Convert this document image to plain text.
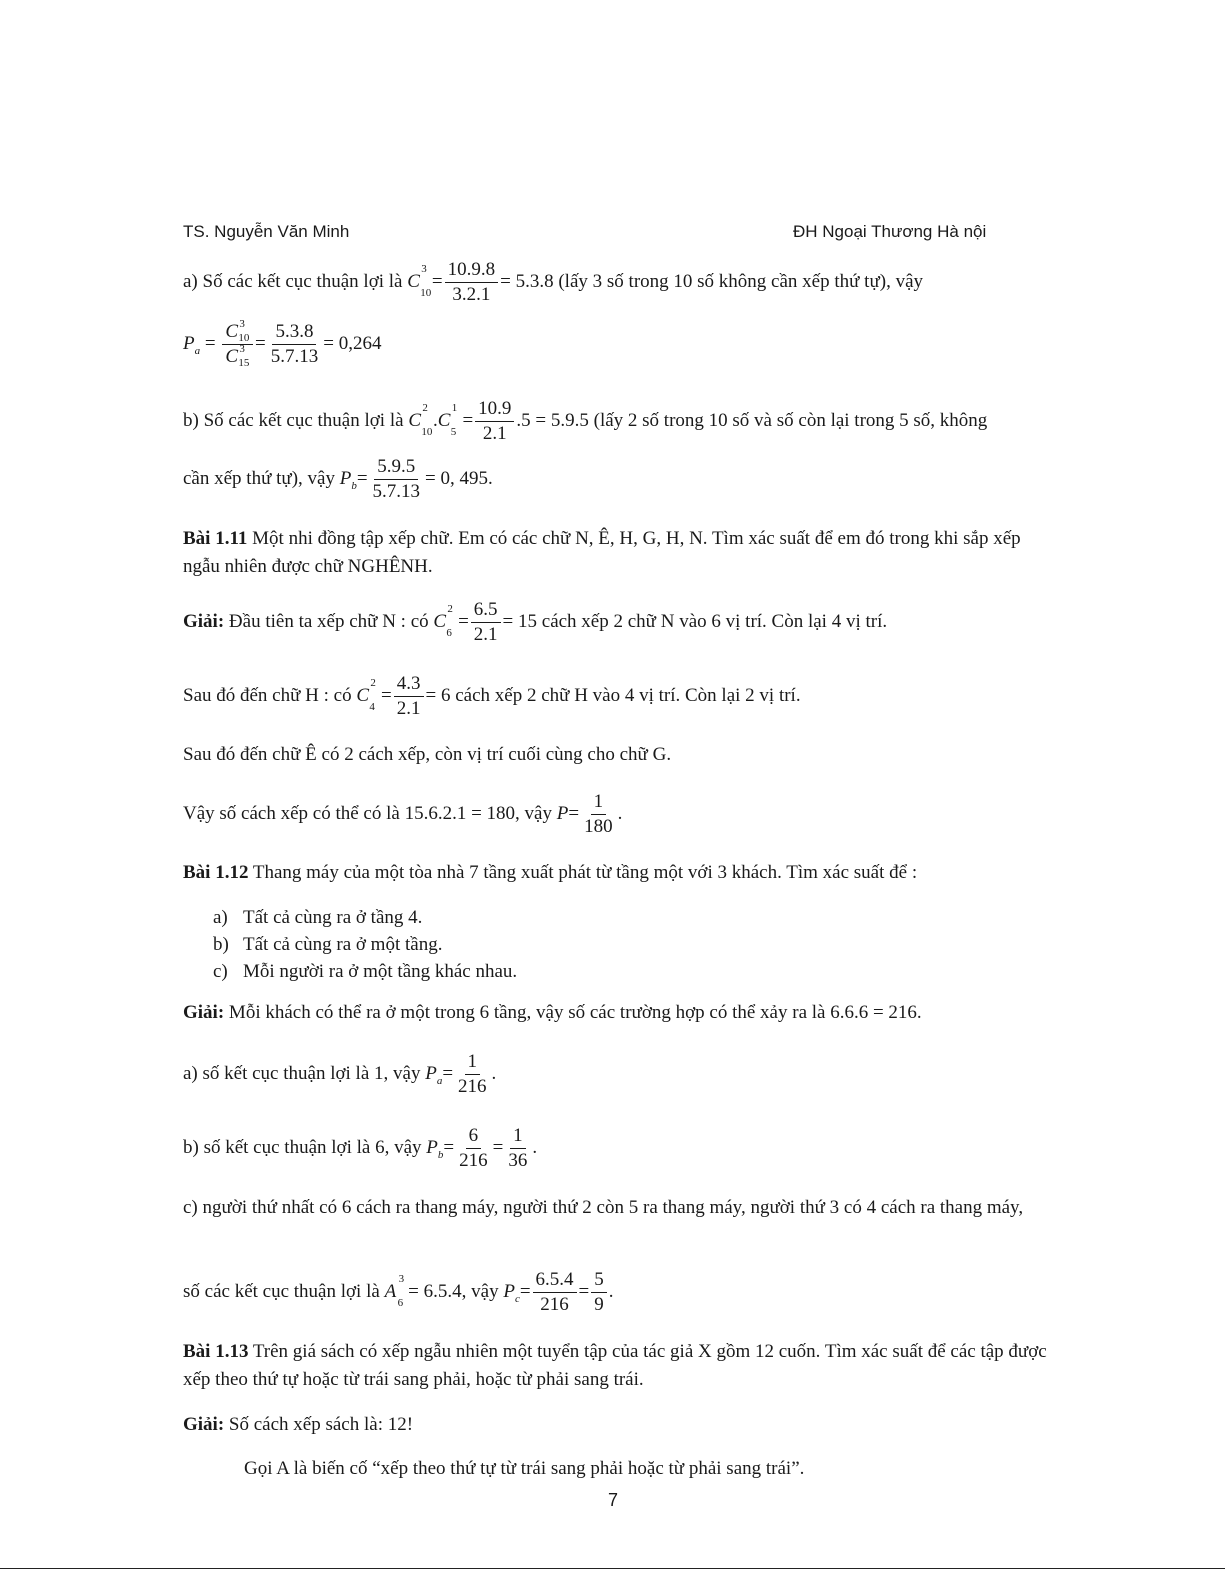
TS. Nguyễn Văn Minh	ĐH Ngoại Thương Hà nội
a) Số các kết cục thuận lợi là C
3
10
= $\frac{10.9.8}{3.2.1} = 5.3.8$ (lấy 3 số trong 10 số không cần xếp thứ tự), vậy
$P_a = C$ 3
10
C 3
$15 = \frac{5.3.8}{5.7.13} = 0,264$
b) Số các kết cục thuận lợi là C
2
10
.C
1
5
= $\frac{10.9}{2.1} .5 = 5.9.5$ (lấy 2 số trong 10 số và số còn lại trong 5 số, không
cần xếp thứ tự), vậy $P_b= \frac{5.9.5}{5.7.13} = 0$, 495.
Bài 1.11 Một nhi đồng tập xếp chữ. Em có các chữ N, Ê, H, G, H, N. Tìm xác suất để em đó trong khi sắp xếp ngẫu nhiên được chữ NGHÊNH.
Giải: Đầu tiên ta xếp chữ N : có C
2
6
= $\frac{6.5}{2.1} = 15$ cách xếp 2 chữ N vào 6 vị trí. Còn lại 4 vị trí.
Sau đó đến chữ H : có C
2
4
= $\frac{4.3}{2.1} = 6$ cách xếp 2 chữ H vào 4 vị trí. Còn lại 2 vị trí.
Sau đó đến chữ Ê có 2 cách xếp, còn vị trí cuối cùng cho chữ G.
Vậy số cách xếp có thể có là 15.6.2.1 = 180, vậy $P= \frac{1}{180}$ .
Bài 1.12 Thang máy của một tòa nhà 7 tầng xuất phát từ tầng một với 3 khách. Tìm xác suất để :
a) Tất cả cùng ra ở tầng 4.
b) Tất cả cùng ra ở một tầng.
c) Mỗi người ra ở một tầng khác nhau.
Giải: Mỗi khách có thể ra ở một trong 6 tầng, vậy số các trường hợp có thể xảy ra là 6.6.6 = 216.
a) số kết cục thuận lợi là 1, vậy $P_a= \frac{1}{216}$ .
b) số kết cục thuận lợi là 6, vậy $P_b= \frac{6}{216} = \frac{1}{36}$ .
c) người thứ nhất có 6 cách ra thang máy, người thứ 2 còn 5 ra thang máy, người thứ 3 có 4 cách ra thang máy,
số các kết cục thuận lợi là A
3
6
= 6.5.4, vậy $P_c= \frac{6.5.4}{216} = \frac{5}{9}$ .
Bài 1.13 Trên giá sách có xếp ngẫu nhiên một tuyển tập của tác giả X gồm 12 cuốn. Tìm xác suất để các tập được xếp theo thứ tự hoặc từ trái sang phải, hoặc từ phải sang trái.
Giải: Số cách xếp sách là: 12!
Gọi A là biến cố “xếp theo thứ tự từ trái sang phải hoặc từ phải sang trái”.
7
